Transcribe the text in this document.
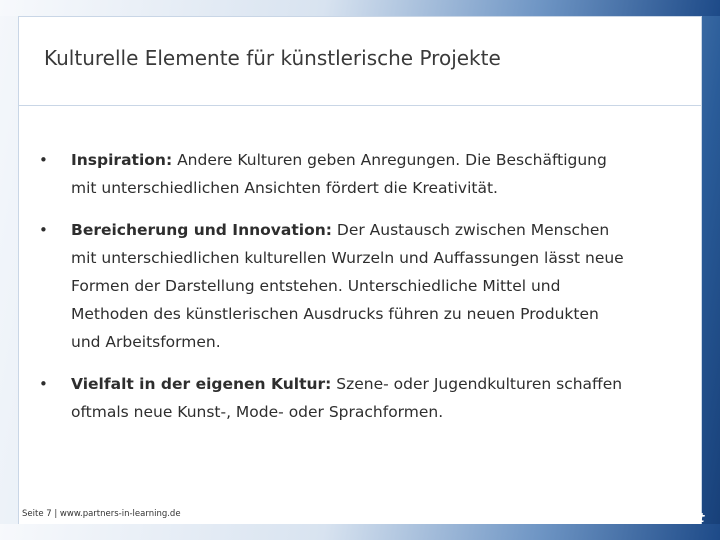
Kulturelle Elemente für künstlerische Projekte
•	Inspiration: Andere Kulturen geben Anregungen. Die Beschäftigung mit unterschiedlichen Ansichten fördert die Kreativität.
•	Bereicherung und Innovation: Der Austausch zwischen Menschen mit unterschiedlichen kulturellen Wurzeln und Auffassungen lässt neue Formen der Darstellung entstehen. Unterschiedliche Mittel und Methoden des künstlerischen Ausdrucks führen zu neuen Produkten und Arbeitsformen.
•	Vielfalt in der eigenen Kultur: Szene- oder Jugendkulturen schaffen oftmals neue Kunst-, Mode- oder Sprachformen.
Seite 7 | www.partners-in-learning.de	Microsoft
